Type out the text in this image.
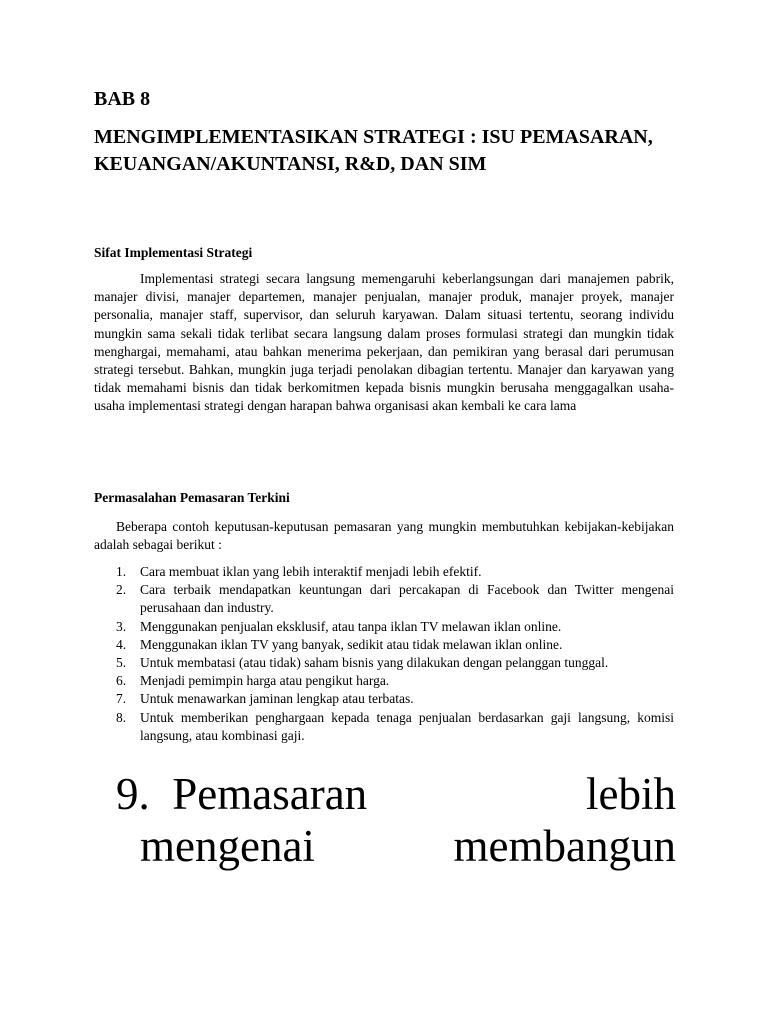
BAB 8
MENGIMPLEMENTASIKAN STRATEGI : ISU PEMASARAN, KEUANGAN/AKUNTANSI, R&D, DAN SIM
Sifat Implementasi Strategi

Implementasi strategi secara langsung memengaruhi keberlangsungan dari manajemen pabrik, manajer divisi, manajer departemen, manajer penjualan, manajer produk, manajer proyek, manajer personalia, manajer staff, supervisor, dan seluruh karyawan. Dalam situasi tertentu, seorang individu mungkin sama sekali tidak terlibat secara langsung dalam proses formulasi strategi dan mungkin tidak menghargai, memahami, atau bahkan menerima pekerjaan, dan pemikiran yang berasal dari perumusan strategi tersebut. Bahkan, mungkin juga terjadi penolakan dibagian tertentu. Manajer dan karyawan yang tidak memahami bisnis dan tidak berkomitmen kepada bisnis mungkin berusaha menggagalkan usaha-usaha implementasi strategi dengan harapan bahwa organisasi akan kembali ke cara lama

Permasalahan Pemasaran Terkini

Beberapa contoh keputusan-keputusan pemasaran yang mungkin membutuhkan kebijakan-kebijakan adalah sebagai berikut :

1. Cara membuat iklan yang lebih interaktif menjadi lebih efektif.
2. Cara terbaik mendapatkan keuntungan dari percakapan di Facebook dan Twitter mengenai perusahaan dan industry.
3. Menggunakan penjualan eksklusif, atau tanpa iklan TV melawan iklan online.
4. Menggunakan iklan TV yang banyak, sedikit atau tidak melawan iklan online.
5. Untuk membatasi (atau tidak) saham bisnis yang dilakukan dengan pelanggan tunggal.
6. Menjadi pemimpin harga atau pengikut harga.
7. Untuk menawarkan jaminan lengkap atau terbatas.
8. Untuk memberikan penghargaan kepada tenaga penjualan berdasarkan gaji langsung, komisi langsung, atau kombinasi gaji.
9. Pemasaran	lebih
mengenai	membangun
